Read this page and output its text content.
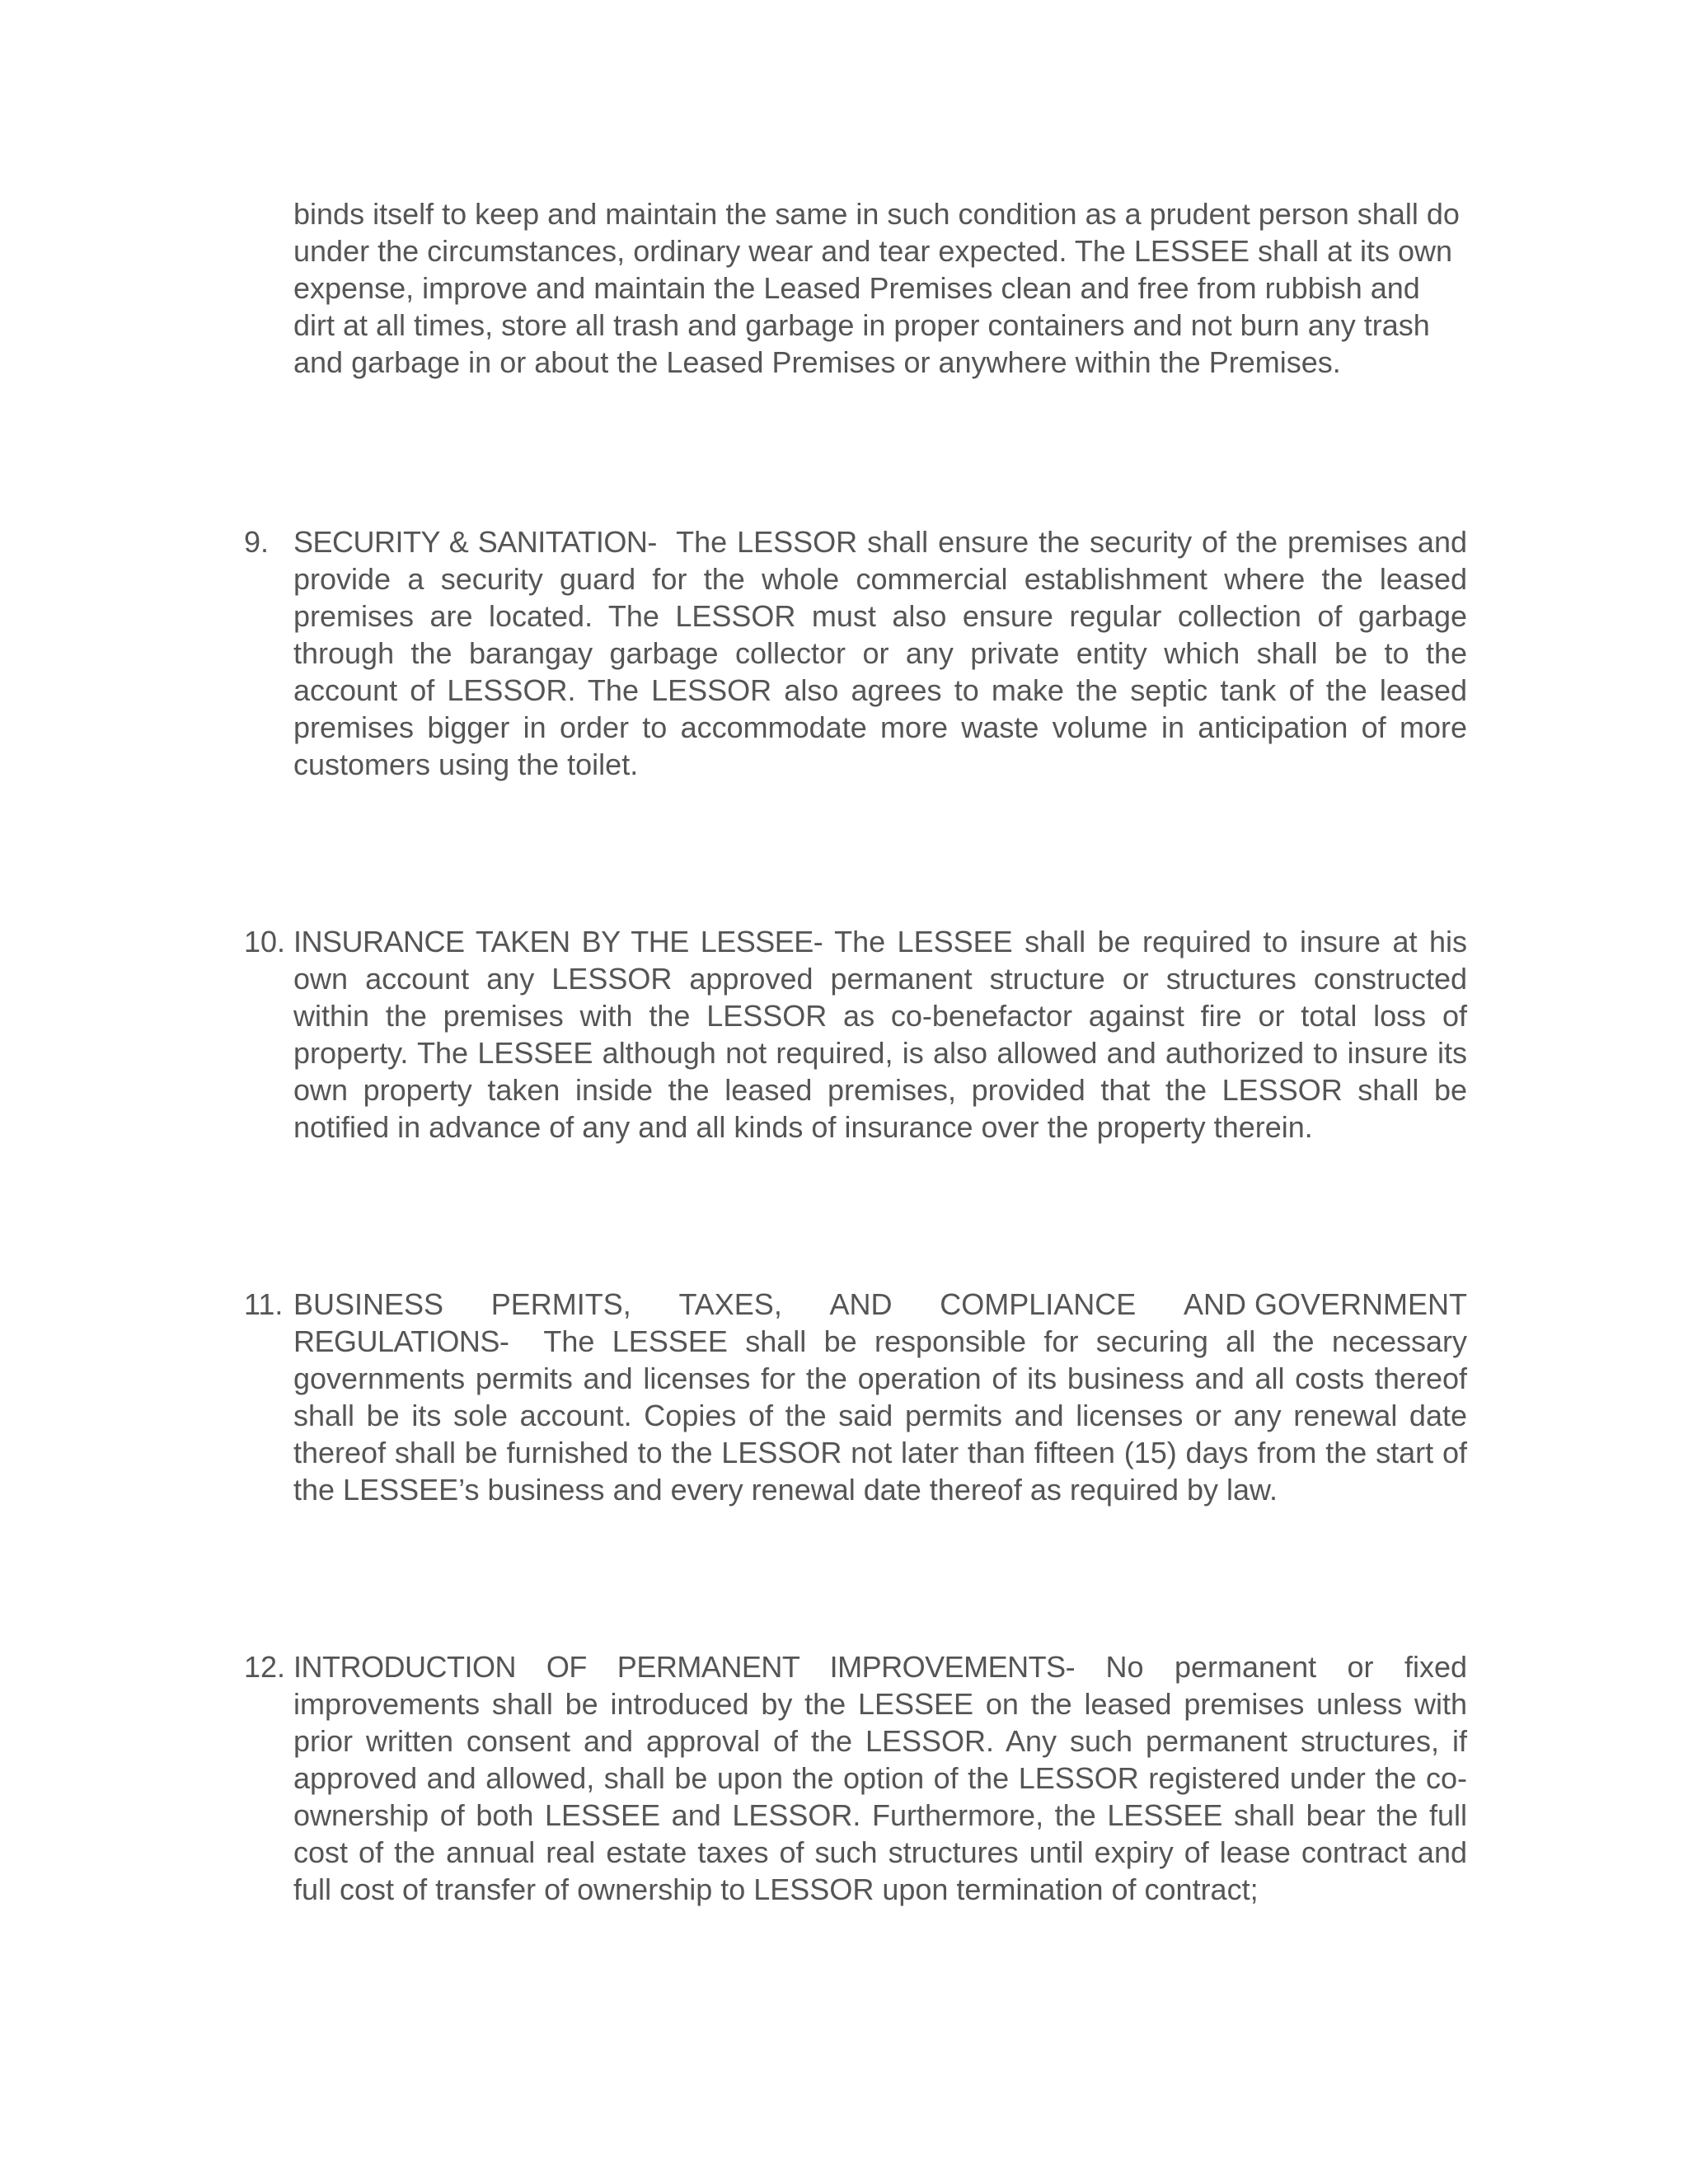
binds itself to keep and maintain the same in such condition as a prudent person shall do under the circumstances, ordinary wear and tear expected. The LESSEE shall at its own expense, improve and maintain the Leased Premises clean and free from rubbish and dirt at all times, store all trash and garbage in proper containers and not burn any trash and garbage in or about the Leased Premises or anywhere within the Premises.

9. SECURITY & SANITATION- The LESSOR shall ensure the security of the premises and provide a security guard for the whole commercial establishment where the leased premises are located. The LESSOR must also ensure regular collection of garbage through the barangay garbage collector or any private entity which shall be to the account of LESSOR. The LESSOR also agrees to make the septic tank of the leased premises bigger in order to accommodate more waste volume in anticipation of more customers using the toilet.

10. INSURANCE TAKEN BY THE LESSEE- The LESSEE shall be required to insure at his own account any LESSOR approved permanent structure or structures constructed within the premises with the LESSOR as co-benefactor against fire or total loss of property. The LESSEE although not required, is also allowed and authorized to insure its own property taken inside the leased premises, provided that the LESSOR shall be notified in advance of any and all kinds of insurance over the property therein.

11. BUSINESS PERMITS, TAXES, AND COMPLIANCE AND GOVERNMENT

REGULATIONS- The LESSEE shall be responsible for securing all the necessary governments permits and licenses for the operation of its business and all costs thereof shall be its sole account. Copies of the said permits and licenses or any renewal date thereof shall be furnished to the LESSOR not later than fifteen (15) days from the start of the LESSEE’s business and every renewal date thereof as required by law.

12. INTRODUCTION OF PERMANENT IMPROVEMENTS- No permanent or fixed improvements shall be introduced by the LESSEE on the leased premises unless with prior written consent and approval of the LESSOR. Any such permanent structures, if approved and allowed, shall be upon the option of the LESSOR registered under the co-ownership of both LESSEE and LESSOR. Furthermore, the LESSEE shall bear the full cost of the annual real estate taxes of such structures until expiry of lease contract and full cost of transfer of ownership to LESSOR upon termination of contract;
